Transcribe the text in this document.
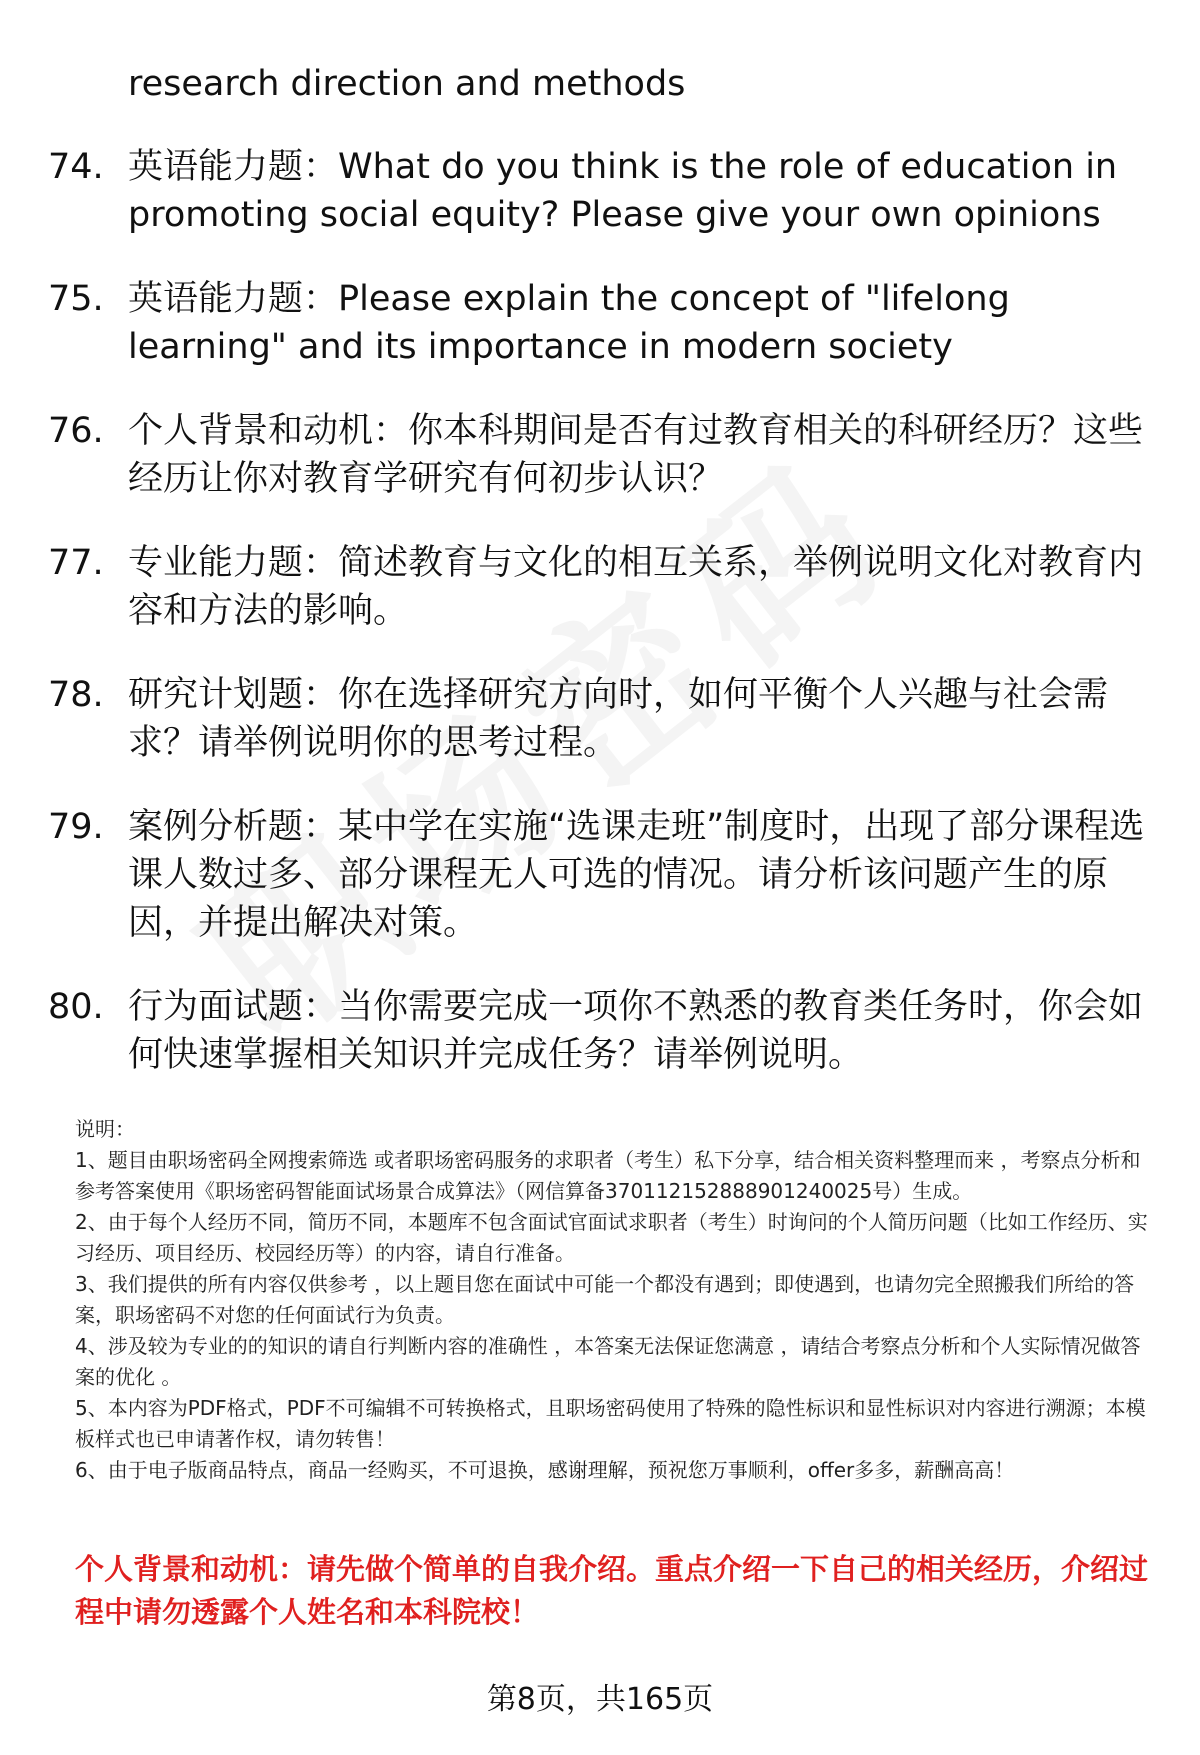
research direction and methods
74. 英语能力题：What do you think is the role of education in promoting social equity? Please give your own opinions
75. 英语能力题：Please explain the concept of "lifelong learning" and its importance in modern society
76. 个人背景和动机：你本科期间是否有过教育相关的科研经历？这些经历让你对教育学研究有何初步认识？
77. 专业能力题：简述教育与文化的相互关系，举例说明文化对教育内容和方法的影响。
78. 研究计划题：你在选择研究方向时，如何平衡个人兴趣与社会需求？请举例说明你的思考过程。
79. 案例分析题：某中学在实施“选课走班”制度时，出现了部分课程选课人数过多、部分课程无人可选的情况。请分析该问题产生的原因，并提出解决对策。
80. 行为面试题：当你需要完成一项你不熟悉的教育类任务时，你会如何快速掌握相关知识并完成任务？请举例说明。
说明：
1、题目由职场密码全网搜索筛选 或者职场密码服务的求职者（考生）私下分享，结合相关资料整理而来 ，考察点分析和参考答案使用《职场密码智能面试场景合成算法》（网信算备370112152888901240025号）生成。
2、由于每个人经历不同，简历不同，本题库不包含面试官面试求职者（考生）时询问的个人简历问题（比如工作经历、实习经历、项目经历、校园经历等）的内容，请自行准备。
3、我们提供的所有内容仅供参考 ，以上题目您在面试中可能一个都没有遇到；即使遇到，也请勿完全照搬我们所给的答案，职场密码不对您的任何面试行为负责。
4、涉及较为专业的的知识的请自行判断内容的准确性 ，本答案无法保证您满意 ，请结合考察点分析和个人实际情况做答案的优化 。
5、本内容为PDF格式，PDF不可编辑不可转换格式，且职场密码使用了特殊的隐性标识和显性标识对内容进行溯源；本模板样式也已申请著作权，请勿转售！
6、由于电子版商品特点，商品一经购买，不可退换，感谢理解，预祝您万事顺利，offer多多，薪酬高高！
个人背景和动机：请先做个简单的自我介绍。重点介绍一下自己的相关经历，介绍过程中请勿透露个人姓名和本科院校！
第8页，共165页
